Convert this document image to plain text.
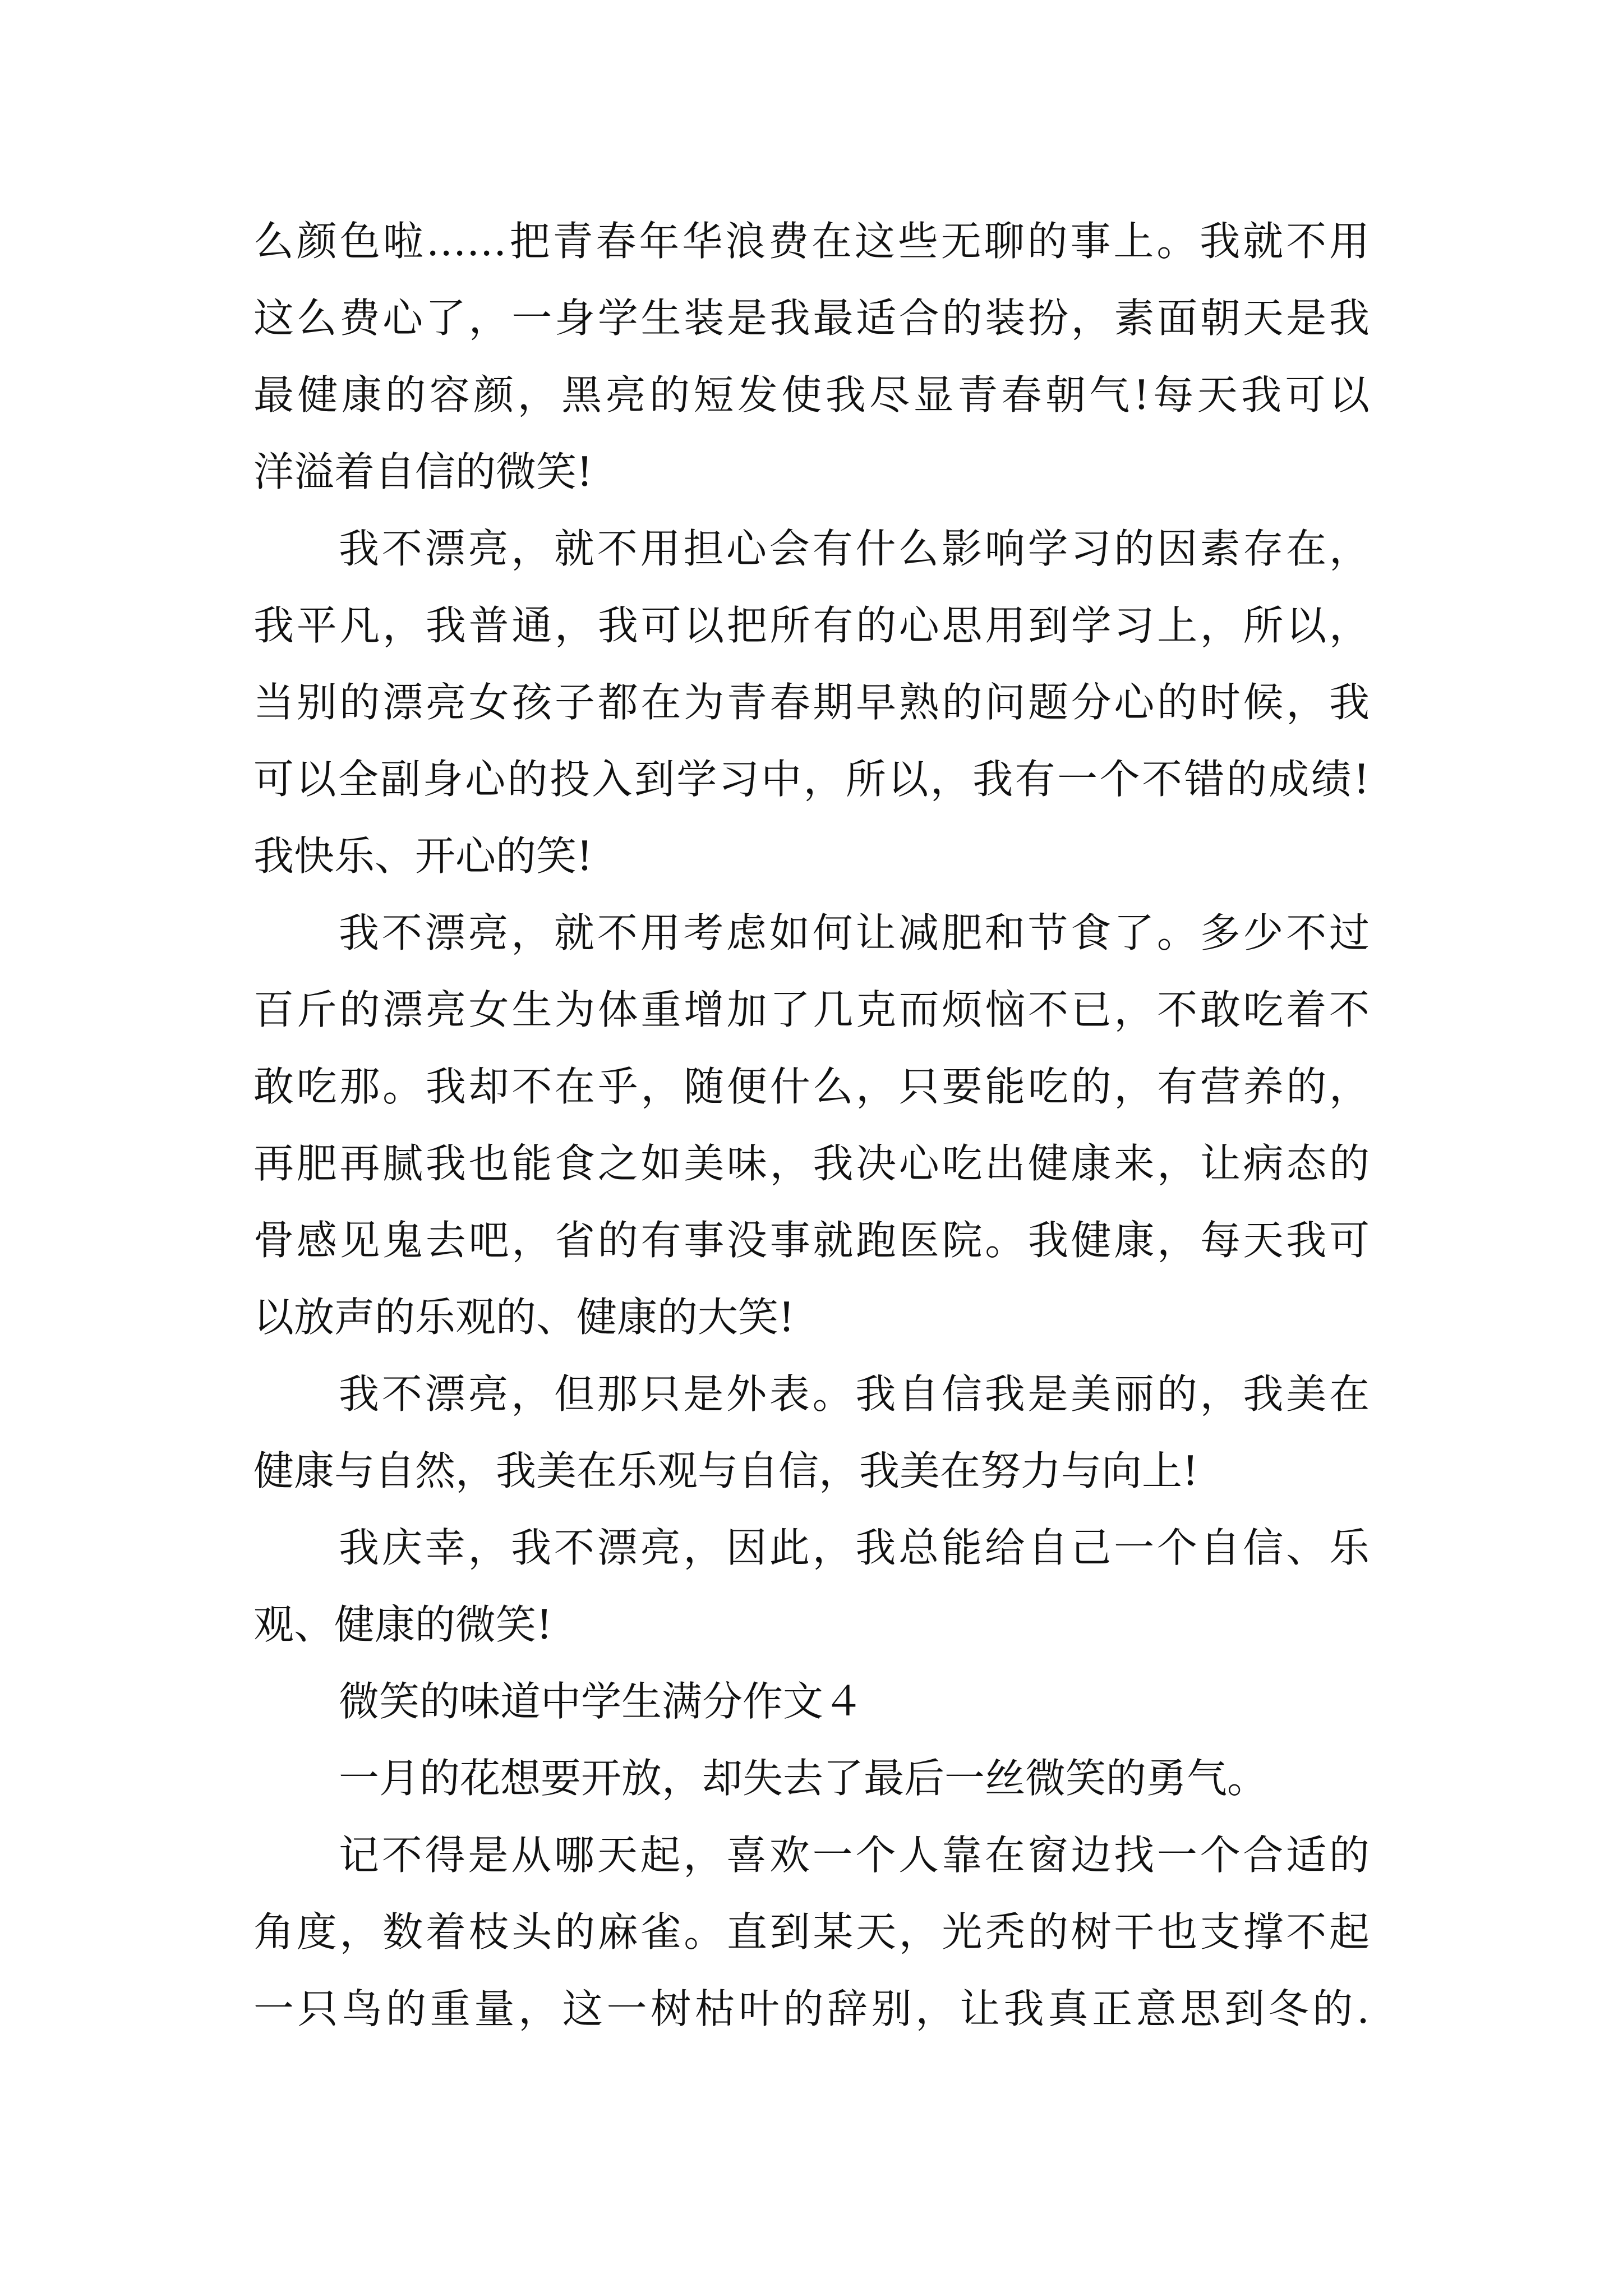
么颜色啦……把青春年华浪费在这些无聊的事上。我就不用
这么费心了，一身学生装是我最适合的装扮，素面朝天是我
最健康的容颜，黑亮的短发使我尽显青春朝气!每天我可以
洋溢着自信的微笑!
我不漂亮，就不用担心会有什么影响学习的因素存在，
我平凡，我普通，我可以把所有的心思用到学习上，所以，
当别的漂亮女孩子都在为青春期早熟的问题分心的时候，我
可以全副身心的投入到学习中，所以，我有一个不错的成绩!
我快乐、开心的笑!
我不漂亮，就不用考虑如何让减肥和节食了。多少不过
百斤的漂亮女生为体重增加了几克而烦恼不已，不敢吃着不
敢吃那。我却不在乎，随便什么，只要能吃的，有营养的，
再肥再腻我也能食之如美味，我决心吃出健康来，让病态的
骨感见鬼去吧，省的有事没事就跑医院。我健康，每天我可
以放声的乐观的、健康的大笑!
我不漂亮，但那只是外表。我自信我是美丽的，我美在
健康与自然，我美在乐观与自信，我美在努力与向上!
我庆幸，我不漂亮，因此，我总能给自己一个自信、乐
观、健康的微笑!
微笑的味道中学生满分作文４
一月的花想要开放，却失去了最后一丝微笑的勇气。
记不得是从哪天起，喜欢一个人靠在窗边找一个合适的
角度，数着枝头的麻雀。直到某天，光秃的树干也支撑不起
一只鸟的重量，这一树枯叶的辞别，让我真正意思到冬的.
